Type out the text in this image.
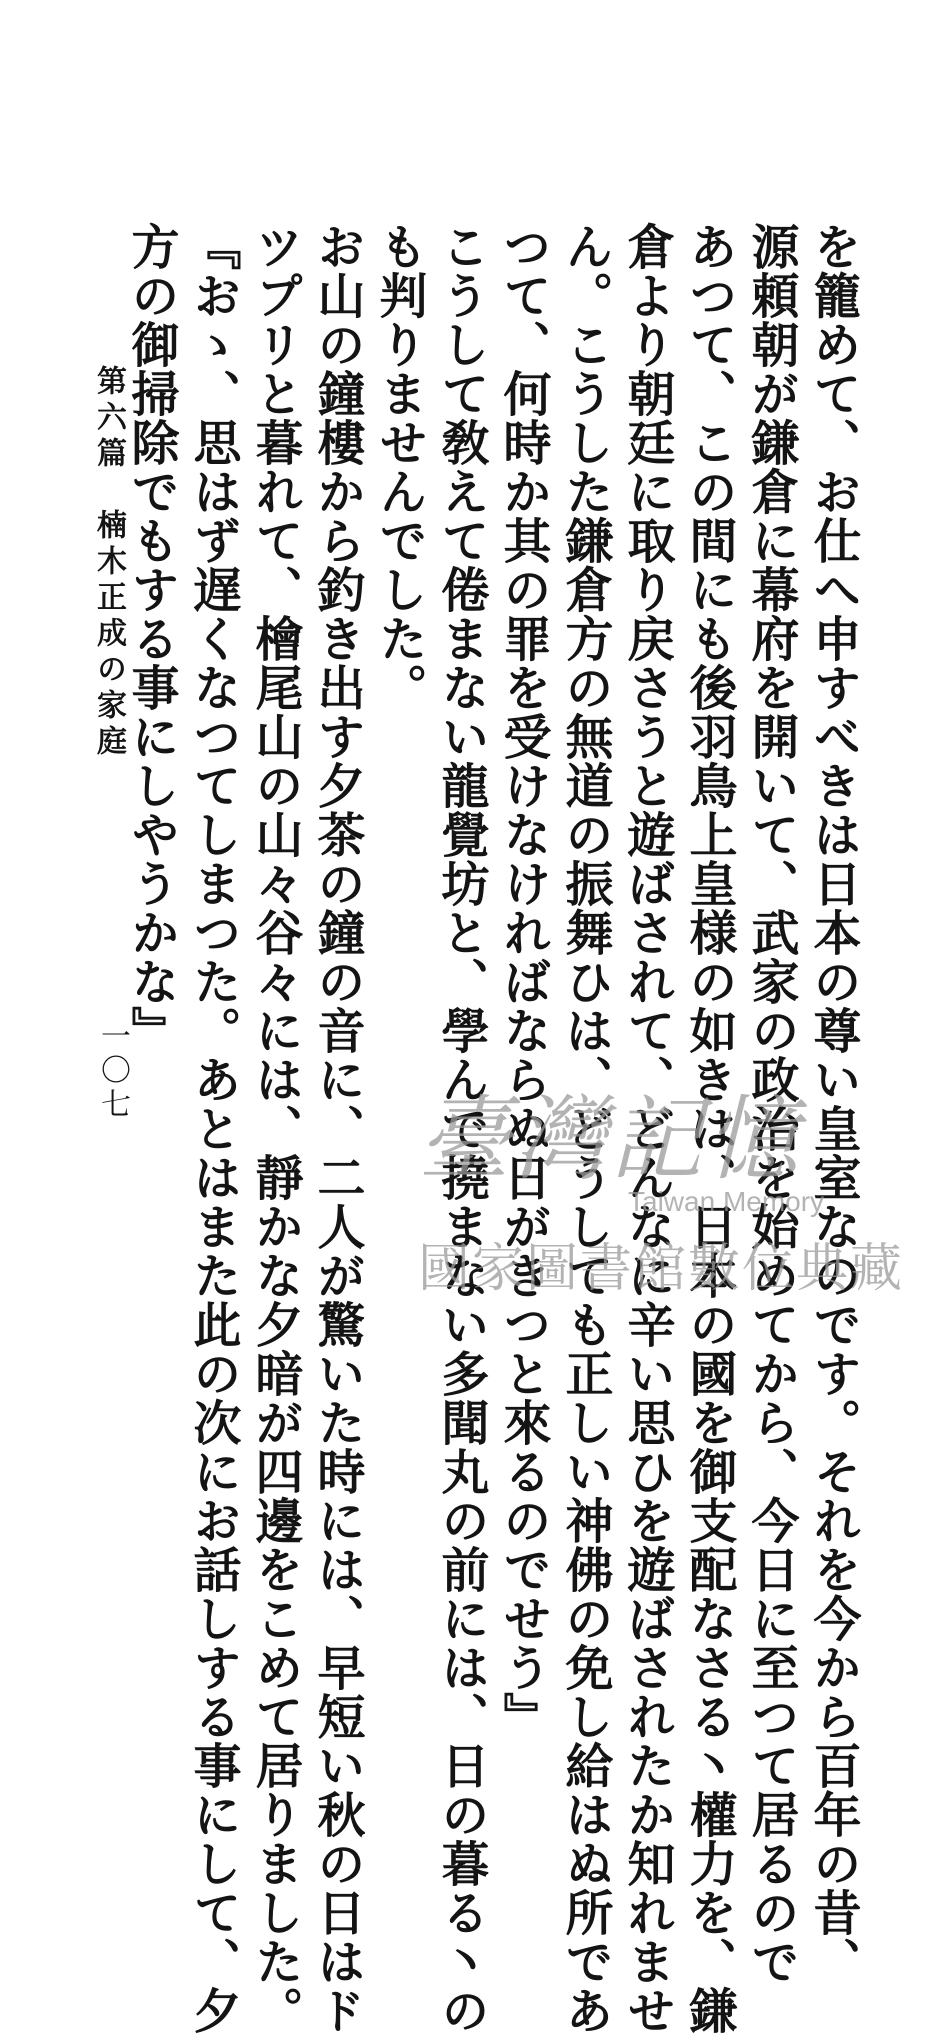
を籠めて、お仕へ申すべきは日本の尊い皇室なのです。それを今から百年の昔、
源頼朝が鎌倉に幕府を開いて、武家の政治を始めてから、今日に至つて居るので
あつて、この間にも後羽鳥上皇様の如きは、日本の國を御支配なさる丶權力を、鎌
倉より朝廷に取り戻さうと遊ばされて、どんなに辛い思ひを遊ばされたか知れませ
ん。こうした鎌倉方の無道の振舞ひは、どうしても正しい神佛の免し給はぬ所であ
つて、何時か其の罪を受けなければならぬ日がきつと來るのでせう』
こうして敎えて倦まない龍覺坊と、學んで撓まない多聞丸の前には、日の暮る丶の
も判りませんでした。
お山の鐘樓から釣き出す夕茶の鐘の音に、二人が驚いた時には、早短い秋の日はド
ツプリと暮れて、檜尾山の山々谷々には、靜かな夕暗が四邊をこめて居りました。
『おゝ、思はず遅くなつてしまつた。あとはまた此の次にお話しする事にして、夕
方の御掃除でもする事にしやうかな』
第六篇　楠木正成の家庭
一〇七
臺灣記憶
Taiwan Memory
國家圖書館數位典藏
